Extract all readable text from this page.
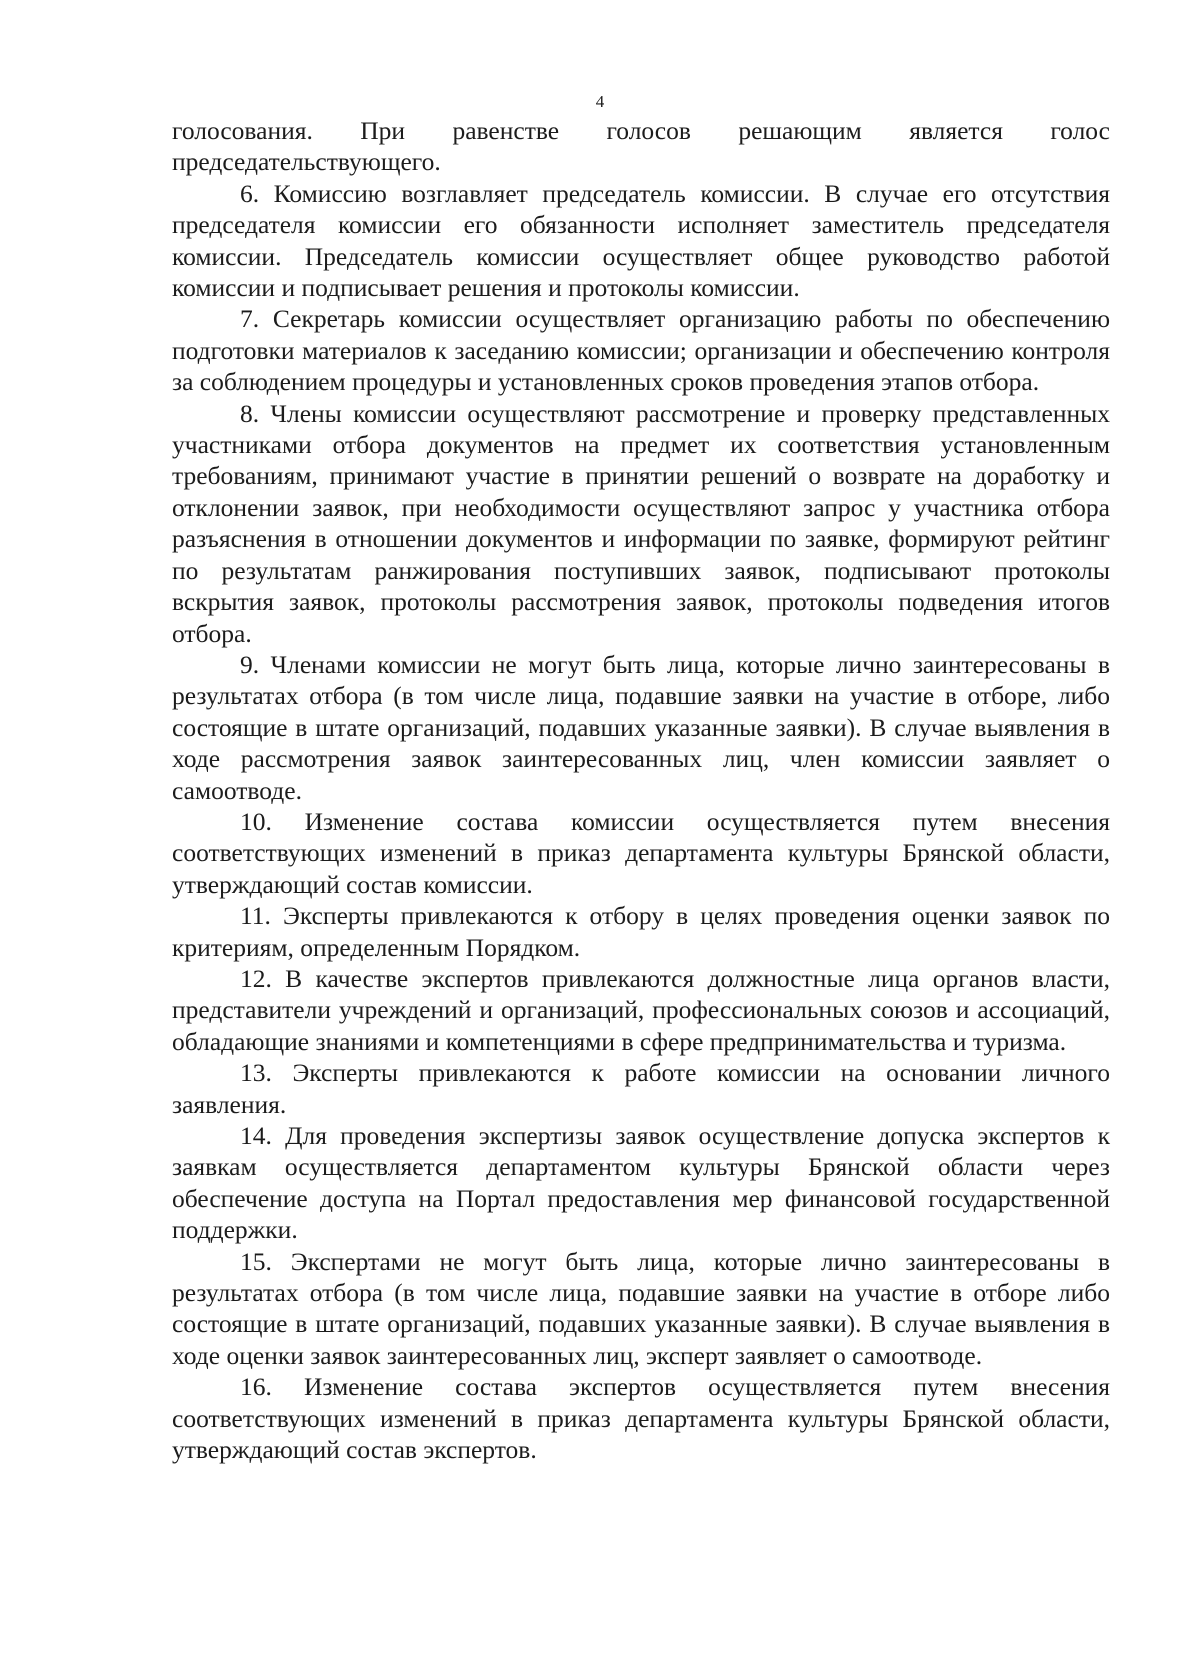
4

голосования. При равенстве голосов решающим является голос председательствующего.

6. Комиссию возглавляет председатель комиссии. В случае его отсутствия председателя комиссии его обязанности исполняет заместитель председателя комиссии. Председатель комиссии осуществляет общее руководство работой комиссии и подписывает решения и протоколы комиссии.

7. Секретарь комиссии осуществляет организацию работы по обеспечению подготовки материалов к заседанию комиссии; организации и обеспечению контроля за соблюдением процедуры и установленных сроков проведения этапов отбора.

8. Члены комиссии осуществляют рассмотрение и проверку представленных участниками отбора документов на предмет их соответствия установленным требованиям, принимают участие в принятии решений о возврате на доработку и отклонении заявок, при необходимости осуществляют запрос у участника отбора разъяснения в отношении документов и информации по заявке, формируют рейтинг по результатам ранжирования поступивших заявок, подписывают протоколы вскрытия заявок, протоколы рассмотрения заявок, протоколы подведения итогов отбора.

9. Членами комиссии не могут быть лица, которые лично заинтересованы в результатах отбора (в том числе лица, подавшие заявки на участие в отборе, либо состоящие в штате организаций, подавших указанные заявки). В случае выявления в ходе рассмотрения заявок заинтересованных лиц, член комиссии заявляет о самоотводе.

10. Изменение состава комиссии осуществляется путем внесения соответствующих изменений в приказ департамента культуры Брянской области, утверждающий состав комиссии.

11. Эксперты привлекаются к отбору в целях проведения оценки заявок по критериям, определенным Порядком.

12. В качестве экспертов привлекаются должностные лица органов власти, представители учреждений и организаций, профессиональных союзов и ассоциаций, обладающие знаниями и компетенциями в сфере предпринимательства и туризма.

13. Эксперты привлекаются к работе комиссии на основании личного заявления.

14. Для проведения экспертизы заявок осуществление допуска экспертов к заявкам осуществляется департаментом культуры Брянской области через обеспечение доступа на Портал предоставления мер финансовой государственной поддержки.

15. Экспертами не могут быть лица, которые лично заинтересованы в результатах отбора (в том числе лица, подавшие заявки на участие в отборе либо состоящие в штате организаций, подавших указанные заявки). В случае выявления в ходе оценки заявок заинтересованных лиц, эксперт заявляет о самоотводе.

16. Изменение состава экспертов осуществляется путем внесения соответствующих изменений в приказ департамента культуры Брянской области, утверждающий состав экспертов.
